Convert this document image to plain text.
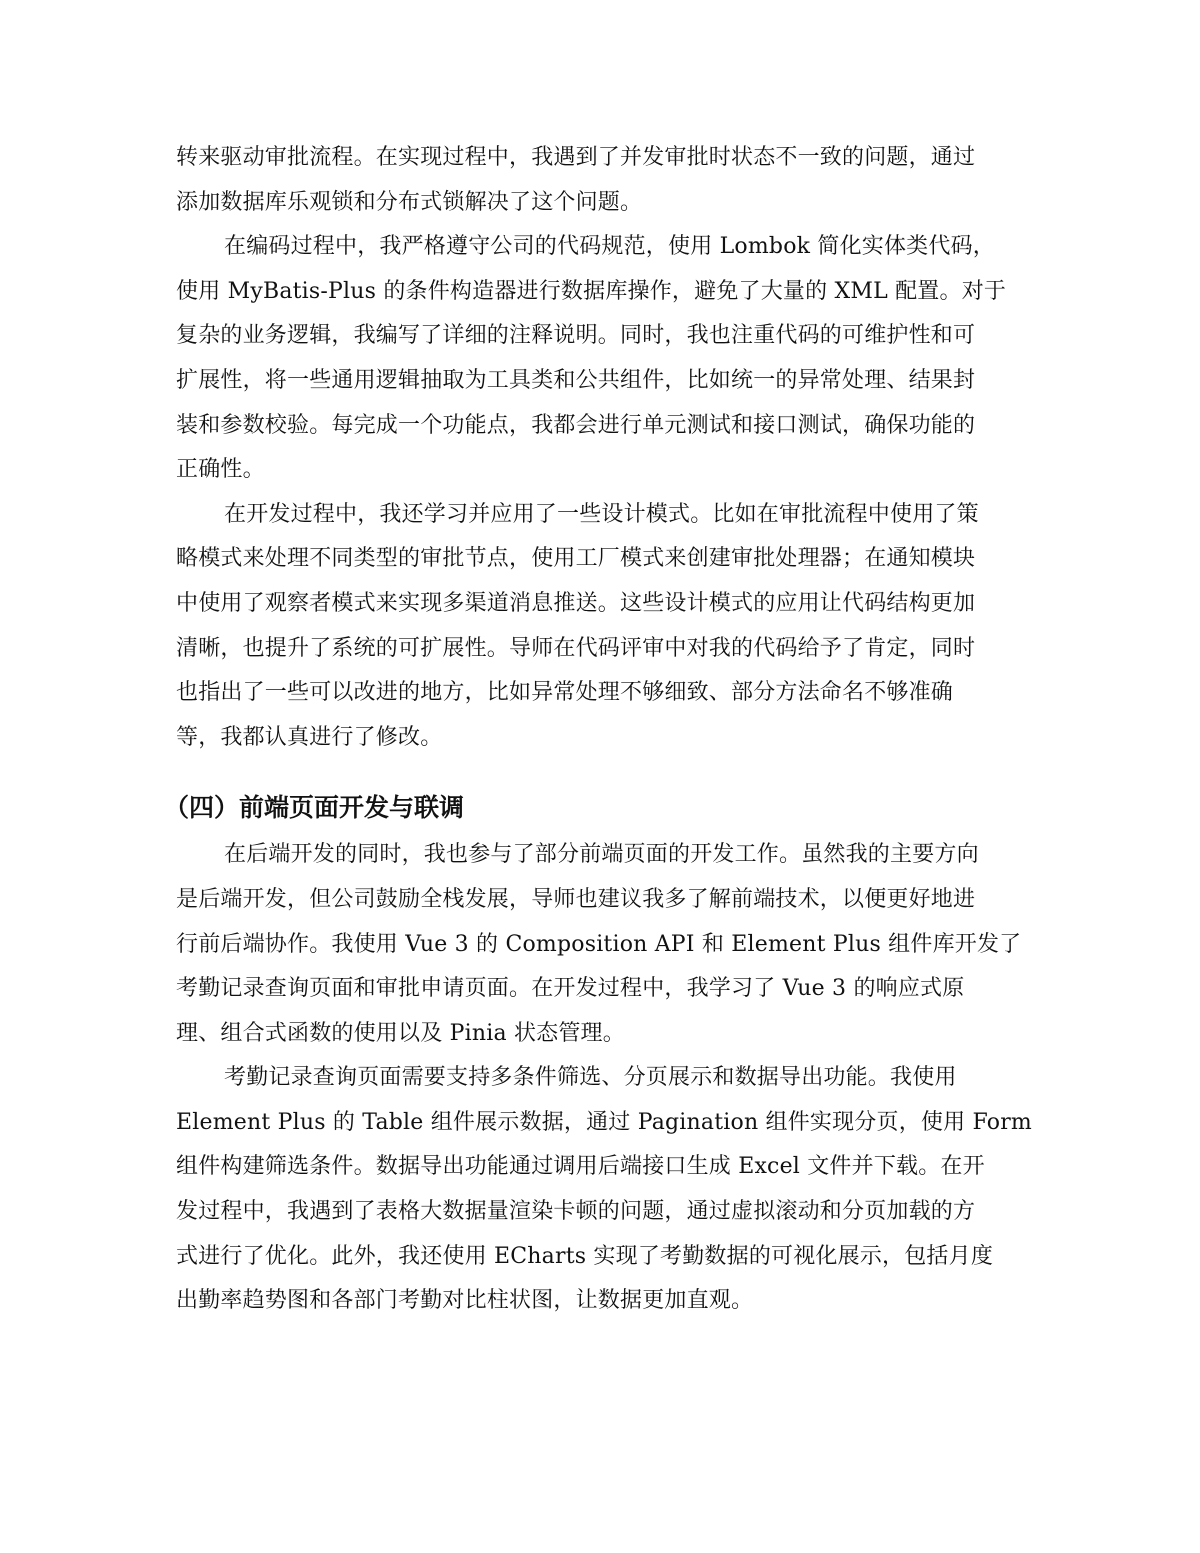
转来驱动审批流程。在实现过程中，我遇到了并发审批时状态不一致的问题，通过
添加数据库乐观锁和分布式锁解决了这个问题。
在编码过程中，我严格遵守公司的代码规范，使用 Lombok 简化实体类代码，
使用 MyBatis-Plus 的条件构造器进行数据库操作，避免了大量的 XML 配置。对于
复杂的业务逻辑，我编写了详细的注释说明。同时，我也注重代码的可维护性和可
扩展性，将一些通用逻辑抽取为工具类和公共组件，比如统一的异常处理、结果封
装和参数校验。每完成一个功能点，我都会进行单元测试和接口测试，确保功能的
正确性。
在开发过程中，我还学习并应用了一些设计模式。比如在审批流程中使用了策
略模式来处理不同类型的审批节点，使用工厂模式来创建审批处理器；在通知模块
中使用了观察者模式来实现多渠道消息推送。这些设计模式的应用让代码结构更加
清晰，也提升了系统的可扩展性。导师在代码评审中对我的代码给予了肯定，同时
也指出了一些可以改进的地方，比如异常处理不够细致、部分方法命名不够准确
等，我都认真进行了修改。
（四）前端页面开发与联调
在后端开发的同时，我也参与了部分前端页面的开发工作。虽然我的主要方向
是后端开发，但公司鼓励全栈发展，导师也建议我多了解前端技术，以便更好地进
行前后端协作。我使用 Vue 3 的 Composition API 和 Element Plus 组件库开发了
考勤记录查询页面和审批申请页面。在开发过程中，我学习了 Vue 3 的响应式原
理、组合式函数的使用以及 Pinia 状态管理。
考勤记录查询页面需要支持多条件筛选、分页展示和数据导出功能。我使用
Element Plus 的 Table 组件展示数据，通过 Pagination 组件实现分页，使用 Form
组件构建筛选条件。数据导出功能通过调用后端接口生成 Excel 文件并下载。在开
发过程中，我遇到了表格大数据量渲染卡顿的问题，通过虚拟滚动和分页加载的方
式进行了优化。此外，我还使用 ECharts 实现了考勤数据的可视化展示，包括月度
出勤率趋势图和各部门考勤对比柱状图，让数据更加直观。
